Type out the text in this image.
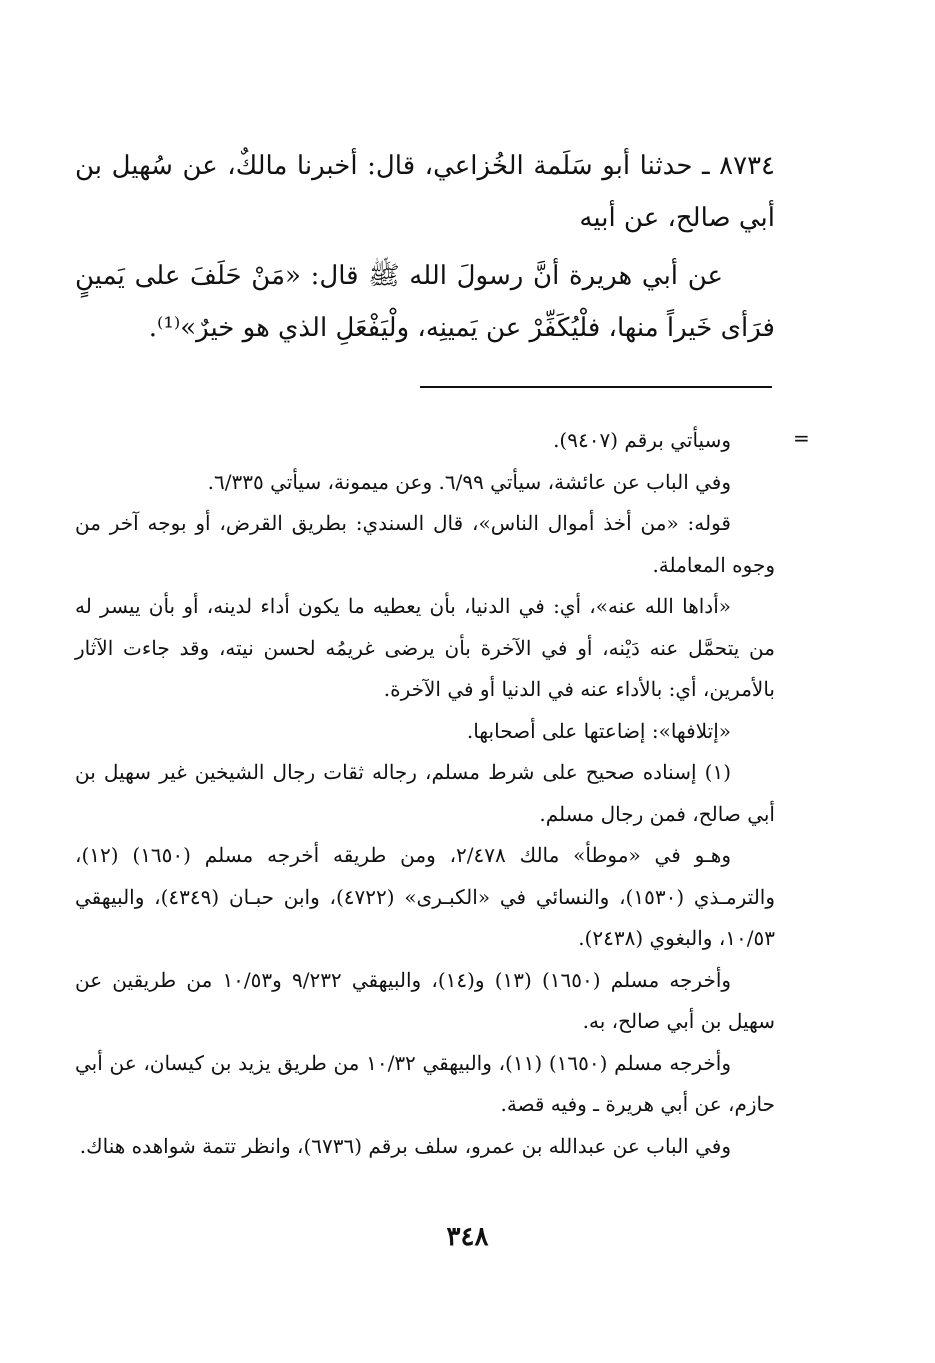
٨٧٣٤ ـ حدثنا أبو سَلَمة الخُزاعي، قال: أخبرنا مالكٌ، عن سُهيل بن أبي صالح، عن أبيه

عن أبي هريرة أنَّ رسولَ الله ﷺ قال: «مَنْ حَلَفَ على يَمينٍ فرَأى خَيراً منها، فلْيُكَفِّرْ عن يَمينِه، ولْيَفْعَلِ الذي هو خيرٌ»⁽¹⁾.

=

وسيأتي برقم (٩٤٠٧).

وفي الباب عن عائشة، سيأتي ٦/٩٩. وعن ميمونة، سيأتي ٦/٣٣٥.

قوله: «من أخذ أموال الناس»، قال السندي: بطريق القرض، أو بوجه آخر من وجوه المعاملة.

«أداها الله عنه»، أي: في الدنيا، بأن يعطيه ما يكون أداء لدينه، أو بأن ييسر له من يتحمَّل عنه دَيْنه، أو في الآخرة بأن يرضى غريمُه لحسن نيته، وقد جاءت الآثار بالأمرين، أي: بالأداء عنه في الدنيا أو في الآخرة.

«إتلافها»: إضاعتها على أصحابها.

(١) إسناده صحيح على شرط مسلم، رجاله ثقات رجال الشيخين غير سهيل بن أبي صالح، فمن رجال مسلم.

وهـو في «موطأ» مالك ٢/٤٧٨، ومن طريقه أخرجه مسلم (١٦٥٠) (١٢)، والترمـذي (١٥٣٠)، والنسائي في «الكبـرى» (٤٧٢٢)، وابن حبـان (٤٣٤٩)، والبيهقي ١٠/٥٣، والبغوي (٢٤٣٨).

وأخرجه مسلم (١٦٥٠) (١٣) و(١٤)، والبيهقي ٩/٢٣٢ و١٠/٥٣ من طريقين عن سهيل بن أبي صالح، به.

وأخرجه مسلم (١٦٥٠) (١١)، والبيهقي ١٠/٣٢ من طريق يزيد بن كيسان، عن أبي حازم، عن أبي هريرة ـ وفيه قصة.

وفي الباب عن عبدالله بن عمرو، سلف برقم (٦٧٣٦)، وانظر تتمة شواهده هناك.

٣٤٨
